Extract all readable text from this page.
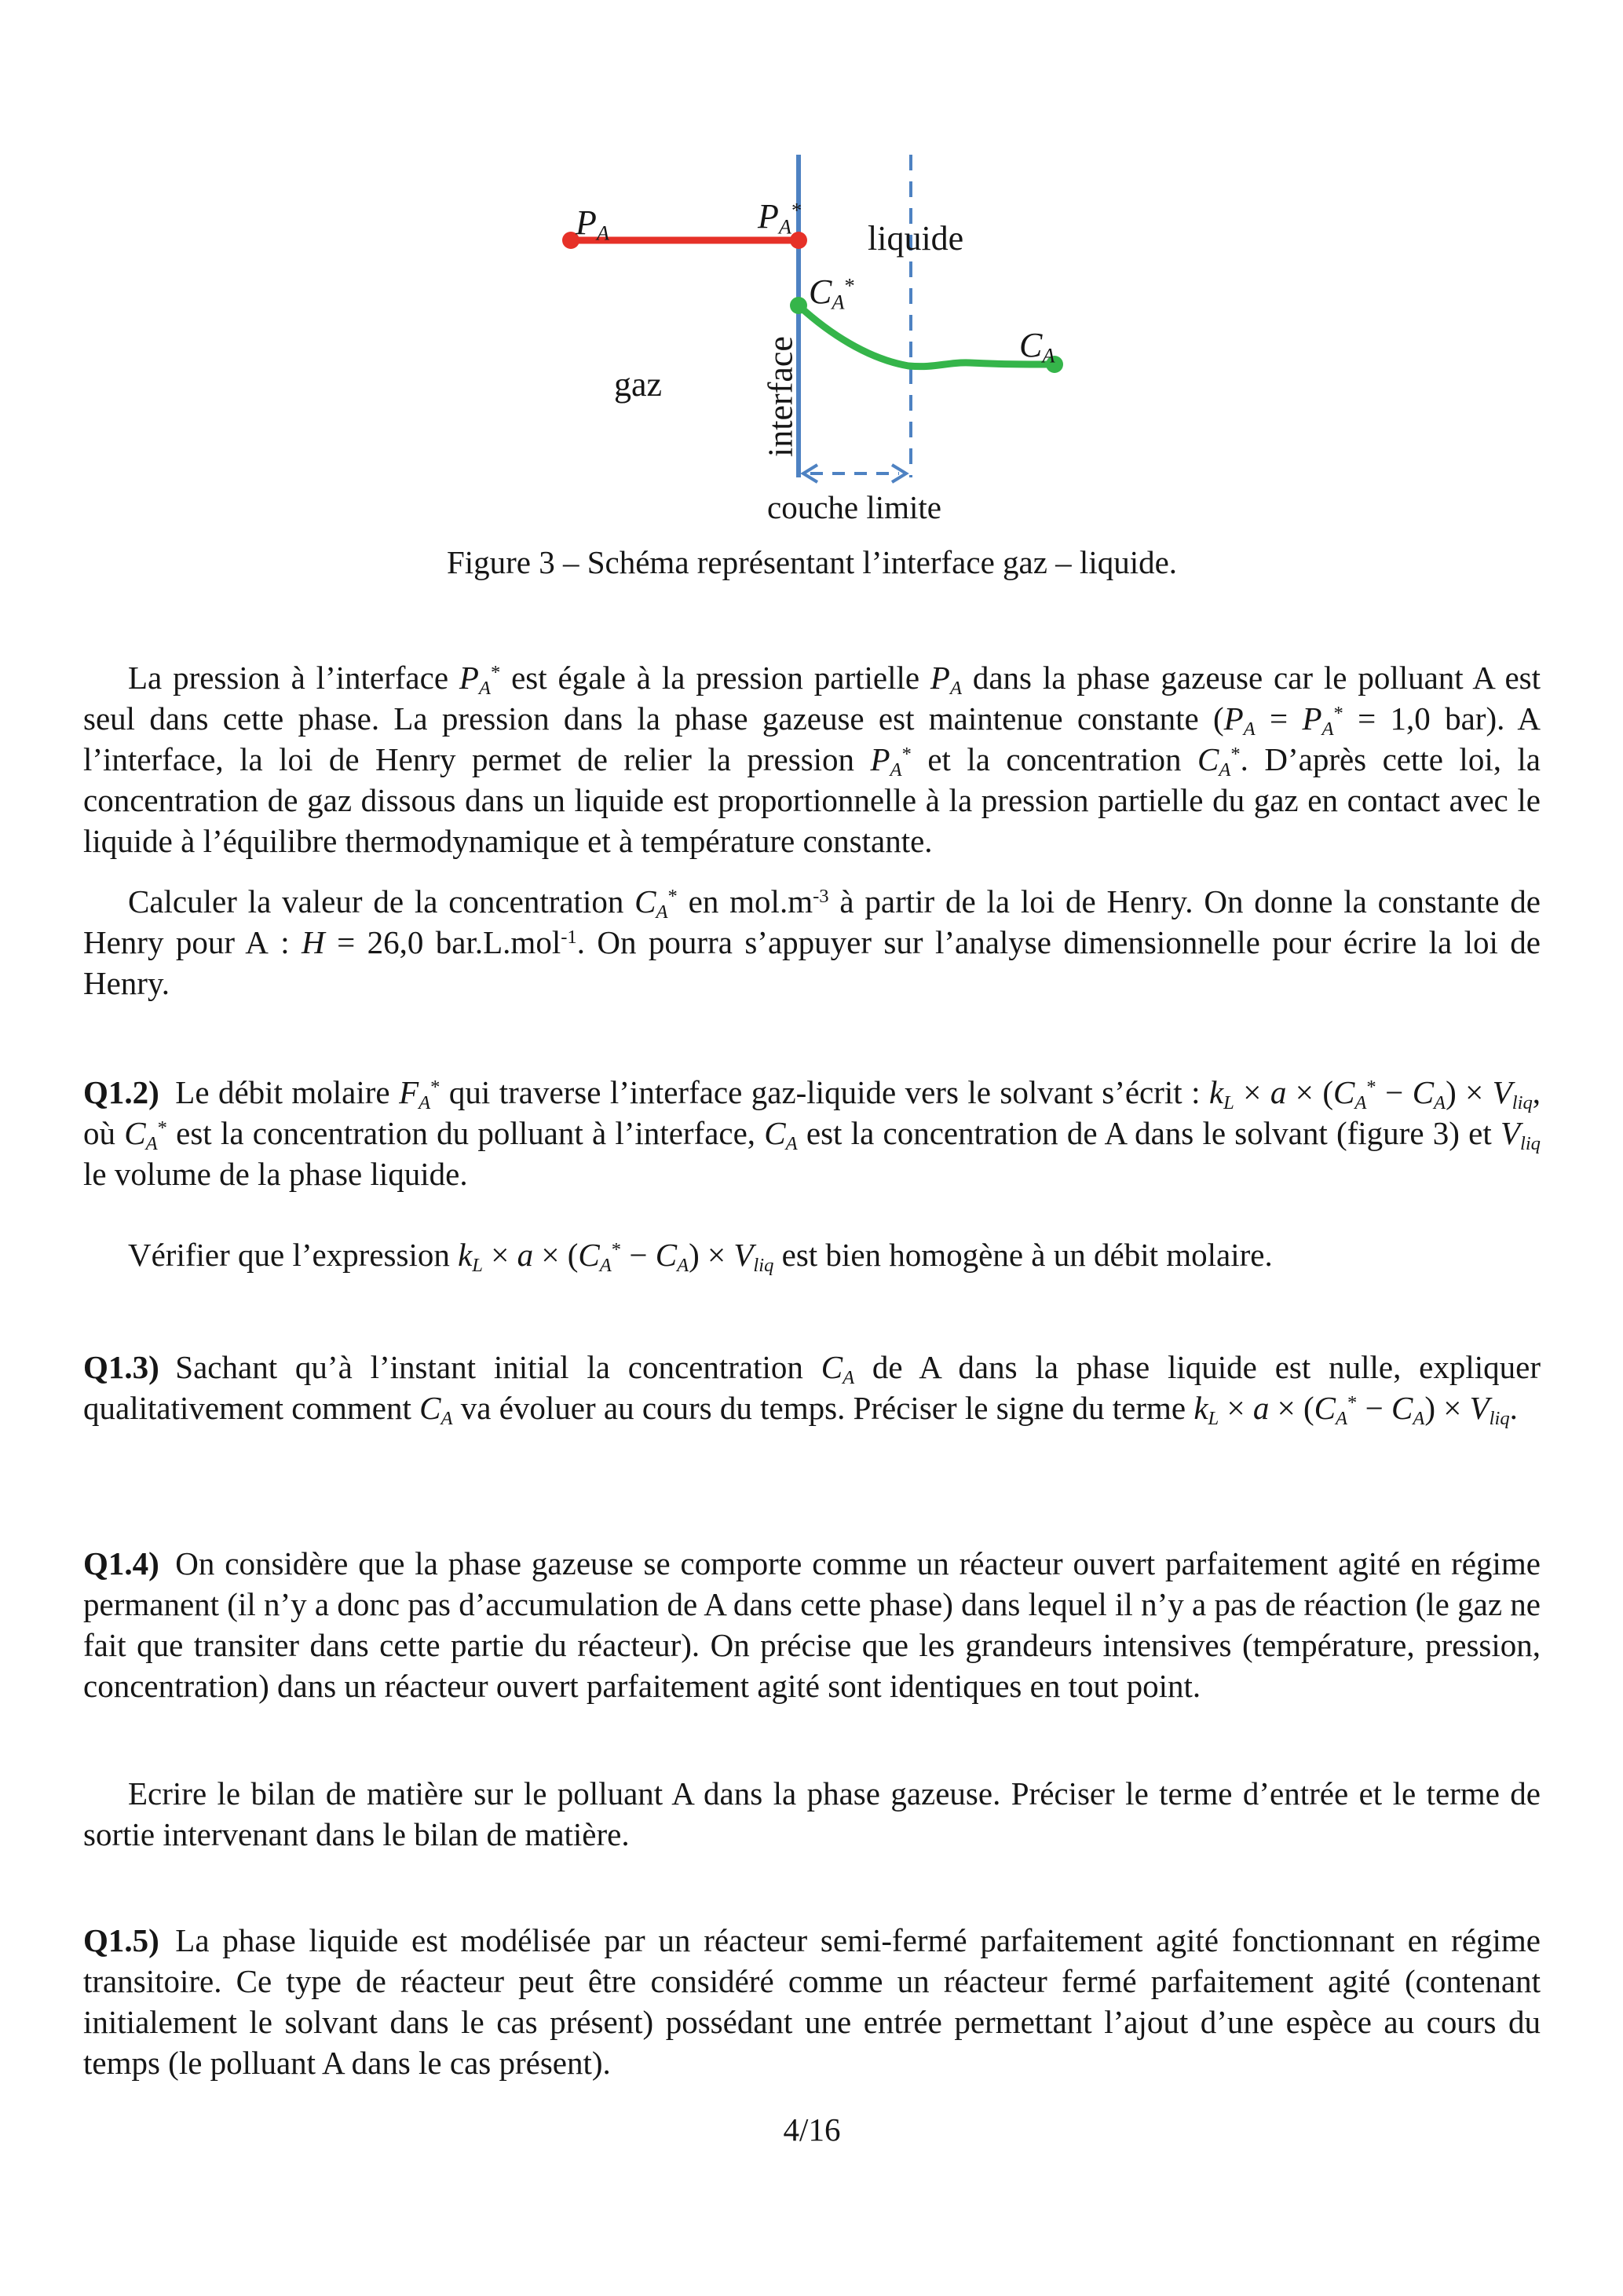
PA	PA*
liquide
CA*
CA
gaz	interface
couche limite
Figure 3 – Schéma représentant l’interface gaz – liquide.

La pression à l’interface PA* est égale à la pression partielle PA dans la phase gazeuse car le polluant A est seul dans cette phase. La pression dans la phase gazeuse est maintenue constante (PA = PA* = 1,0 bar). A l’interface, la loi de Henry permet de relier la pression PA* et la concentration CA*. D’après cette loi, la concentration de gaz dissous dans un liquide est proportionnelle à la pression partielle du gaz en contact avec le liquide à l’équilibre thermodynamique et à température constante.

Calculer la valeur de la concentration CA* en $mol.m^{-3}$ à partir de la loi de Henry. On donne la constante de Henry pour A : H = 26,0 bar.L.mol$^{-1}$. On pourra s’appuyer sur l’analyse dimensionnelle pour écrire la loi de Henry.

Q1.2) Le débit molaire FA* qui traverse l’interface gaz-liquide vers le solvant s’écrit : kL × a × (CA* − CA) × Vliq, où CA* est la concentration du polluant à l’interface, CA est la concentration de A dans le solvant (figure 3) et Vliq le volume de la phase liquide.

Vérifier que l’expression kL × a × (CA* − CA) × Vliq est bien homogène à un débit molaire.

Q1.3) Sachant qu’à l’instant initial la concentration CA de A dans la phase liquide est nulle, expliquer qualitativement comment CA va évoluer au cours du temps. Préciser le signe du terme kL × a × (CA* − CA) × Vliq.

Q1.4) On considère que la phase gazeuse se comporte comme un réacteur ouvert parfaitement agité en régime permanent (il n’y a donc pas d’accumulation de A dans cette phase) dans lequel il n’y a pas de réaction (le gaz ne fait que transiter dans cette partie du réacteur). On précise que les grandeurs intensives (température, pression, concentration) dans un réacteur ouvert parfaitement agité sont identiques en tout point.

Ecrire le bilan de matière sur le polluant A dans la phase gazeuse. Préciser le terme d’entrée et le terme de sortie intervenant dans le bilan de matière.

Q1.5) La phase liquide est modélisée par un réacteur semi-fermé parfaitement agité fonctionnant en régime transitoire. Ce type de réacteur peut être considéré comme un réacteur fermé parfaitement agité (contenant initialement le solvant dans le cas présent) possédant une entrée permettant l’ajout d’une espèce au cours du temps (le polluant A dans le cas présent).

4/16
